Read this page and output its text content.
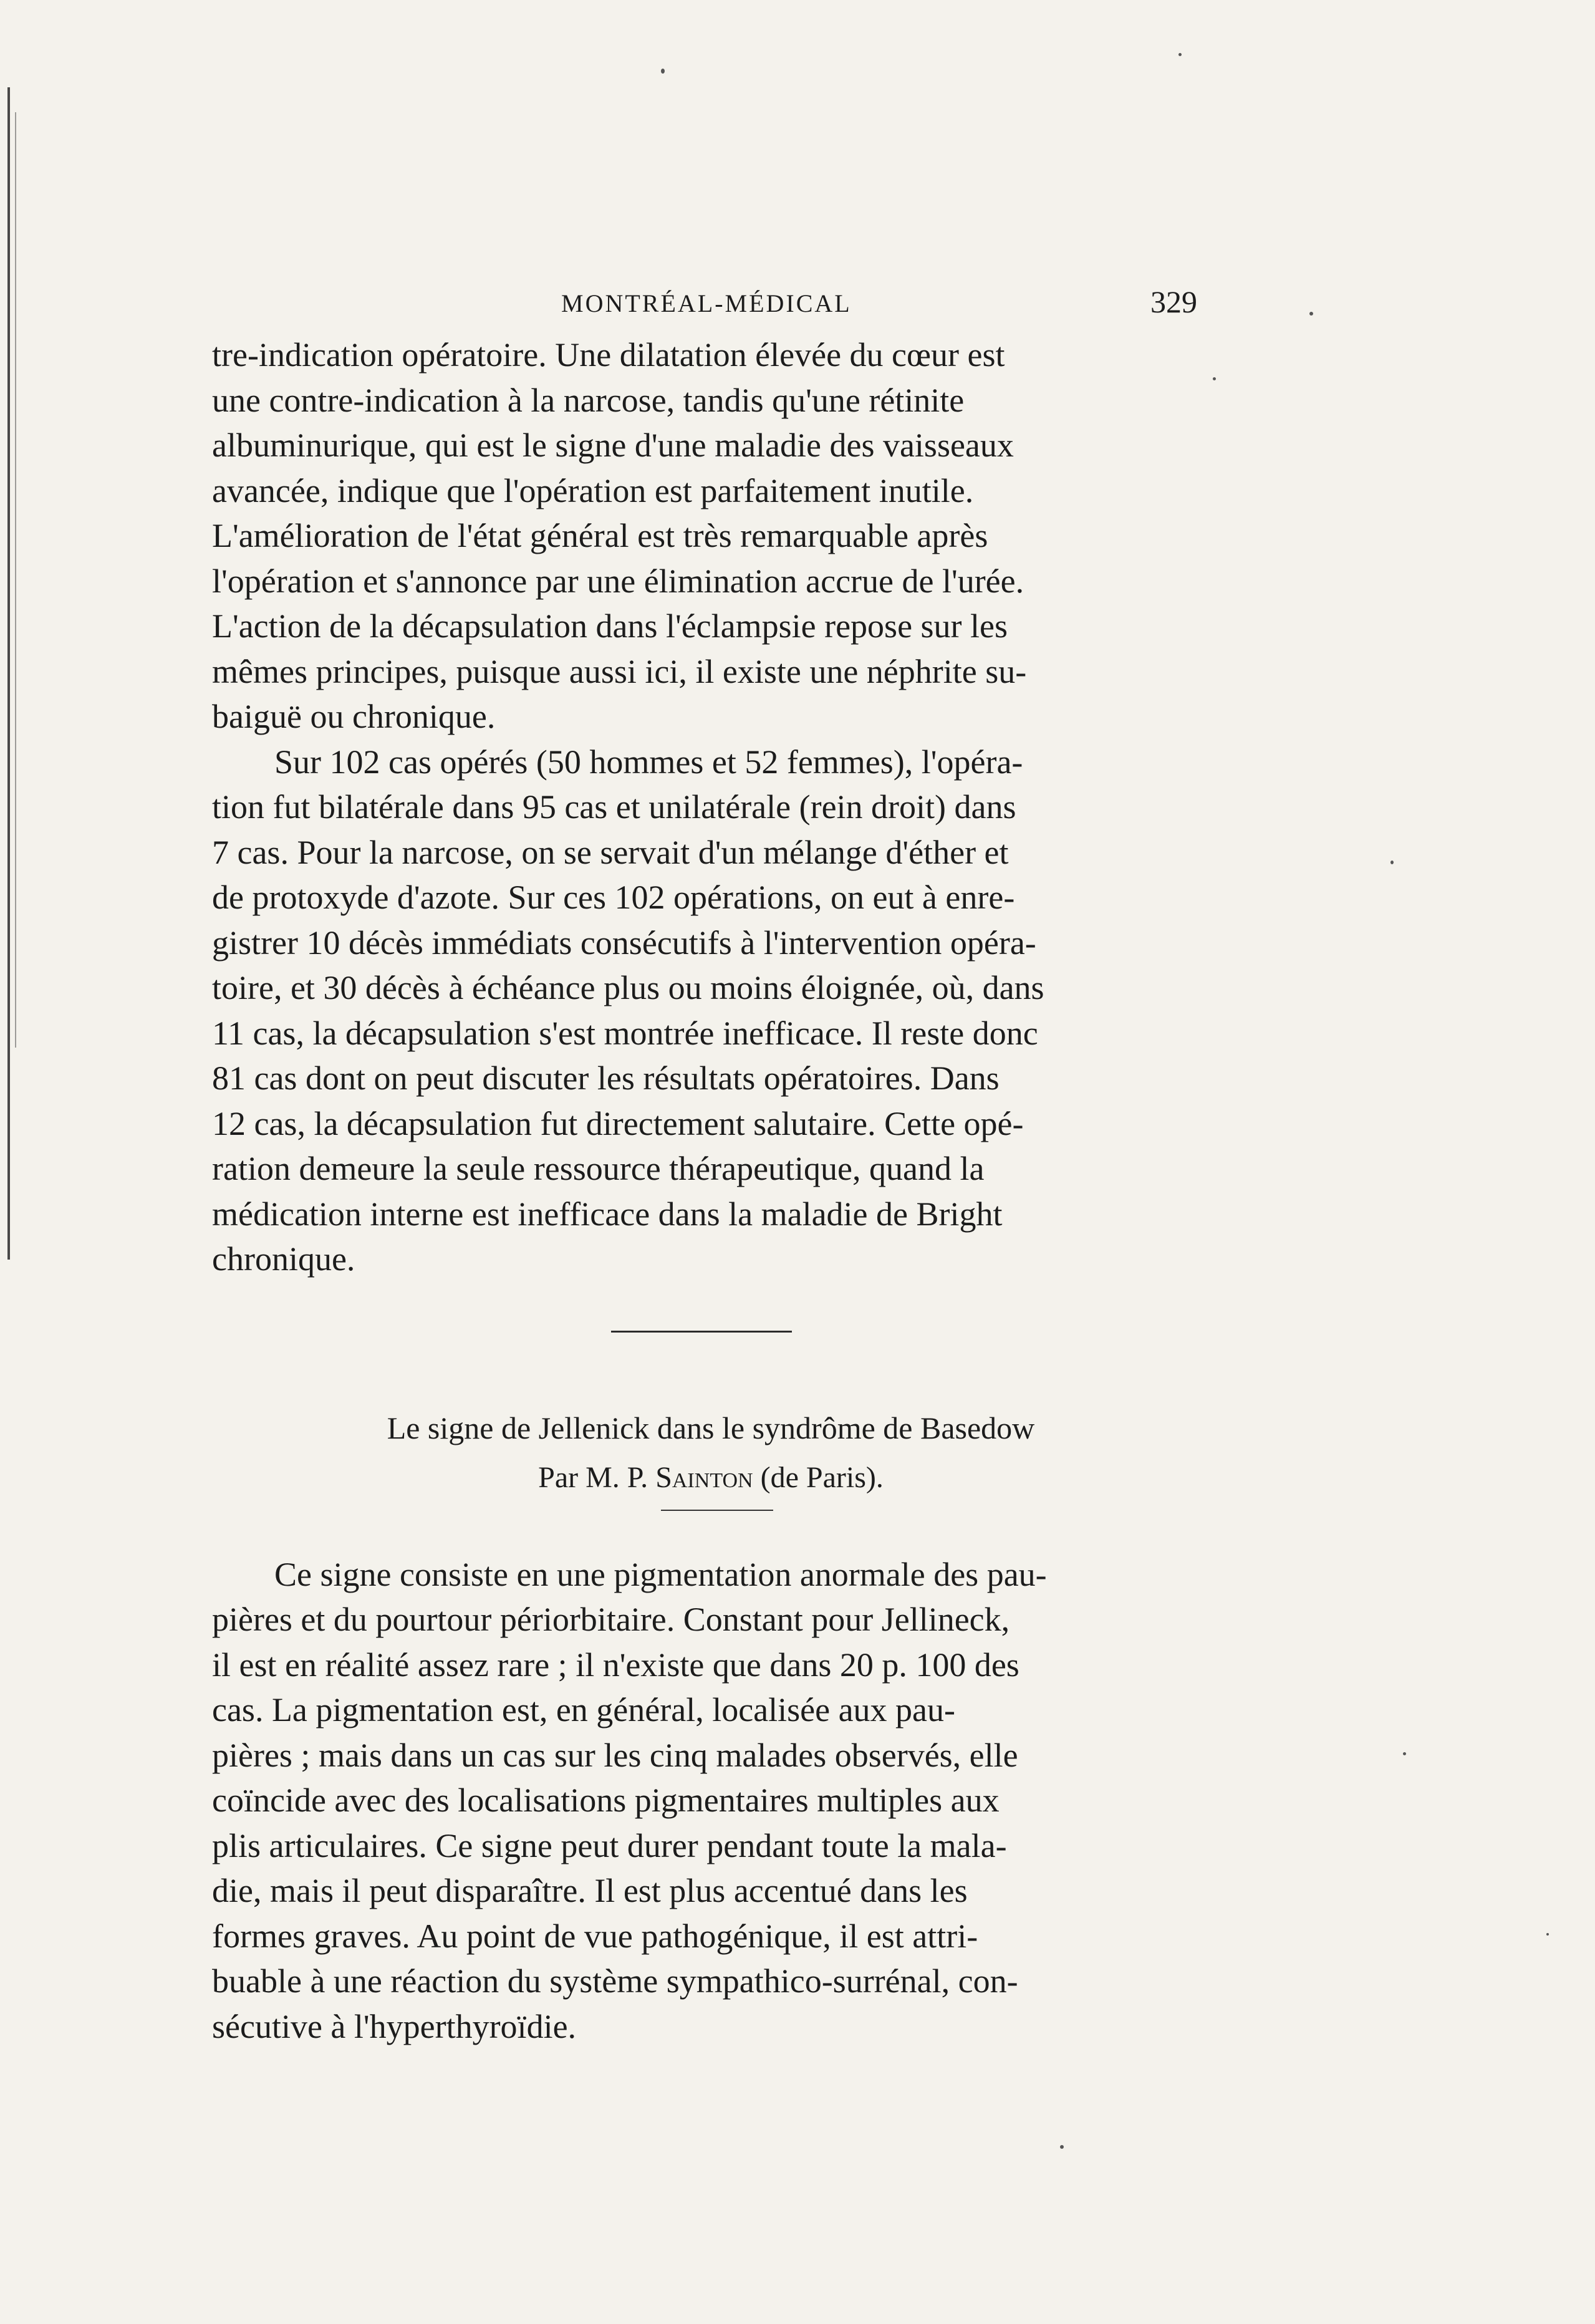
MONTRÉAL-MÉDICAL	329

tre-indication opératoire. Une dilatation élevée du cœur est
une contre-indication à la narcose, tandis qu'une rétinite
albuminurique, qui est le signe d'une maladie des vaisseaux
avancée, indique que l'opération est parfaitement inutile.
L'amélioration de l'état général est très remarquable après
l'opération et s'annonce par une élimination accrue de l'urée.
L'action de la décapsulation dans l'éclampsie repose sur les
mêmes principes, puisque aussi ici, il existe une néphrite su-
baiguë ou chronique.

Sur 102 cas opérés (50 hommes et 52 femmes), l'opéra-
tion fut bilatérale dans 95 cas et unilatérale (rein droit) dans
7 cas. Pour la narcose, on se servait d'un mélange d'éther et
de protoxyde d'azote. Sur ces 102 opérations, on eut à enre-
gistrer 10 décès immédiats consécutifs à l'intervention opéra-
toire, et 30 décès à échéance plus ou moins éloignée, où, dans
11 cas, la décapsulation s'est montrée inefficace. Il reste donc
81 cas dont on peut discuter les résultats opératoires. Dans
12 cas, la décapsulation fut directement salutaire. Cette opé-
ration demeure la seule ressource thérapeutique, quand la
médication interne est inefficace dans la maladie de Bright
chronique.

Le signe de Jellenick dans le syndrôme de Basedow
Par M. P. Sainton (de Paris).

Ce signe consiste en une pigmentation anormale des pau-
pières et du pourtour périorbitaire. Constant pour Jellineck,
il est en réalité assez rare ; il n'existe que dans 20 p. 100 des
cas. La pigmentation est, en général, localisée aux pau-
pières ; mais dans un cas sur les cinq malades observés, elle
coïncide avec des localisations pigmentaires multiples aux
plis articulaires. Ce signe peut durer pendant toute la mala-
die, mais il peut disparaître. Il est plus accentué dans les
formes graves. Au point de vue pathogénique, il est attri-
buable à une réaction du système sympathico-surrénal, con-
sécutive à l'hyperthyroïdie.
